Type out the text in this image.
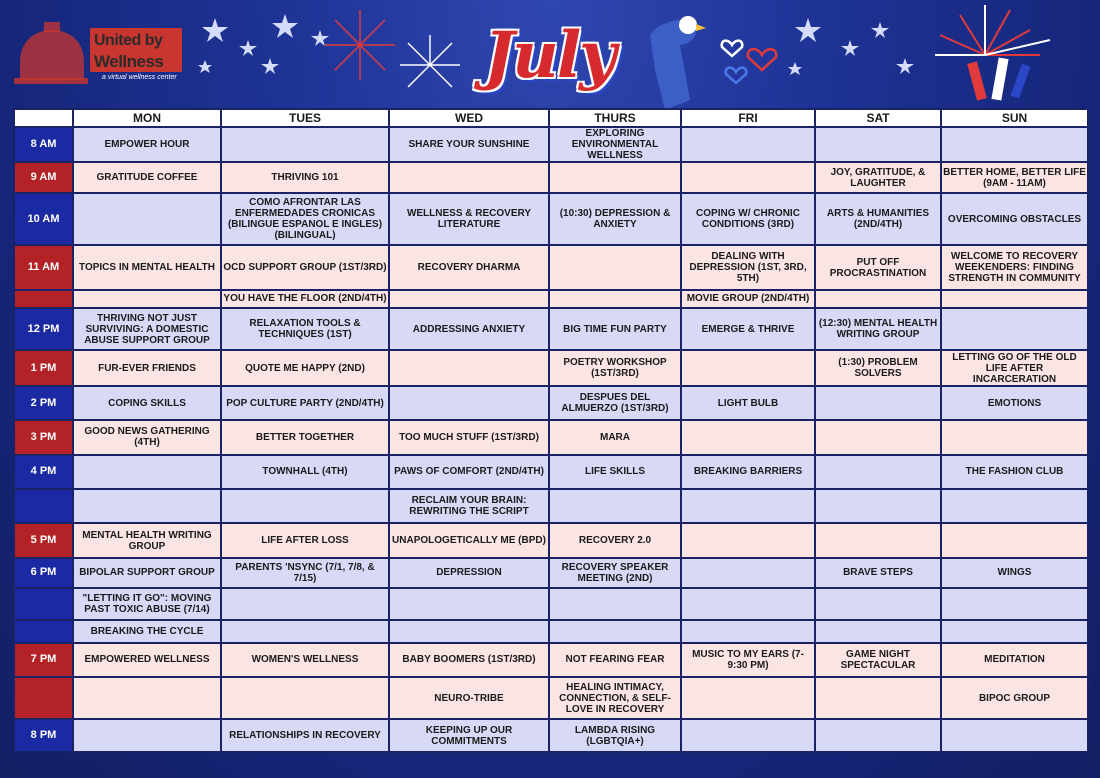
United by
Wellness
a virtual wellness center	July
	MON	TUES	WED	THURS	FRI	SAT	SUN
8 AM	EMPOWER HOUR		SHARE YOUR SUNSHINE	EXPLORING ENVIRONMENTAL WELLNESS			
9 AM	GRATITUDE COFFEE	THRIVING 101				JOY, GRATITUDE, & LAUGHTER	BETTER HOME, BETTER LIFE (9AM - 11AM)
10 AM		COMO AFRONTAR LAS ENFERMEDADES CRONICAS (BILINGUE ESPANOL E INGLES) (BILINGUAL)	WELLNESS & RECOVERY LITERATURE	(10:30) DEPRESSION & ANXIETY	COPING W/ CHRONIC CONDITIONS (3RD)	ARTS & HUMANITIES (2ND/4TH)	OVERCOMING OBSTACLES
11 AM	TOPICS IN MENTAL HEALTH	OCD SUPPORT GROUP (1ST/3RD)	RECOVERY DHARMA		DEALING WITH DEPRESSION (1ST, 3RD, 5TH)	PUT OFF PROCRASTINATION	WELCOME TO RECOVERY WEEKENDERS: FINDING STRENGTH IN COMMUNITY
		YOU HAVE THE FLOOR (2ND/4TH)			MOVIE GROUP (2ND/4TH)		
12 PM	THRIVING NOT JUST SURVIVING: A DOMESTIC ABUSE SUPPORT GROUP	RELAXATION TOOLS & TECHNIQUES (1ST)	ADDRESSING ANXIETY	BIG TIME FUN PARTY	EMERGE & THRIVE	(12:30) MENTAL HEALTH WRITING GROUP	
1 PM	FUR-EVER FRIENDS	QUOTE ME HAPPY (2ND)		POETRY WORKSHOP (1ST/3RD)		(1:30) PROBLEM SOLVERS	LETTING GO OF THE OLD LIFE AFTER INCARCERATION
2 PM	COPING SKILLS	POP CULTURE PARTY (2ND/4TH)		DESPUES DEL ALMUERZO (1ST/3RD)	LIGHT BULB		EMOTIONS
3 PM	GOOD NEWS GATHERING (4TH)	BETTER TOGETHER	TOO MUCH STUFF (1ST/3RD)	MARA			
4 PM		TOWNHALL (4TH)	PAWS OF COMFORT (2ND/4TH)	LIFE SKILLS	BREAKING BARRIERS		THE FASHION CLUB
			RECLAIM YOUR BRAIN: REWRITING THE SCRIPT				
5 PM	MENTAL HEALTH WRITING GROUP	LIFE AFTER LOSS	UNAPOLOGETICALLY ME (BPD)	RECOVERY 2.0			
6 PM	BIPOLAR SUPPORT GROUP	PARENTS 'NSYNC (7/1, 7/8, & 7/15)	DEPRESSION	RECOVERY SPEAKER MEETING (2ND)		BRAVE STEPS	WINGS
	"LETTING IT GO": MOVING PAST TOXIC ABUSE (7/14)						
	BREAKING THE CYCLE						
7 PM	EMPOWERED WELLNESS	WOMEN'S WELLNESS	BABY BOOMERS (1ST/3RD)	NOT FEARING FEAR	MUSIC TO MY EARS (7-9:30 PM)	GAME NIGHT SPECTACULAR	MEDITATION
			NEURO-TRIBE	HEALING INTIMACY, CONNECTION, & SELF-LOVE IN RECOVERY			BIPOC GROUP
8 PM		RELATIONSHIPS IN RECOVERY	KEEPING UP OUR COMMITMENTS	LAMBDA RISING (LGBTQIA+)			
